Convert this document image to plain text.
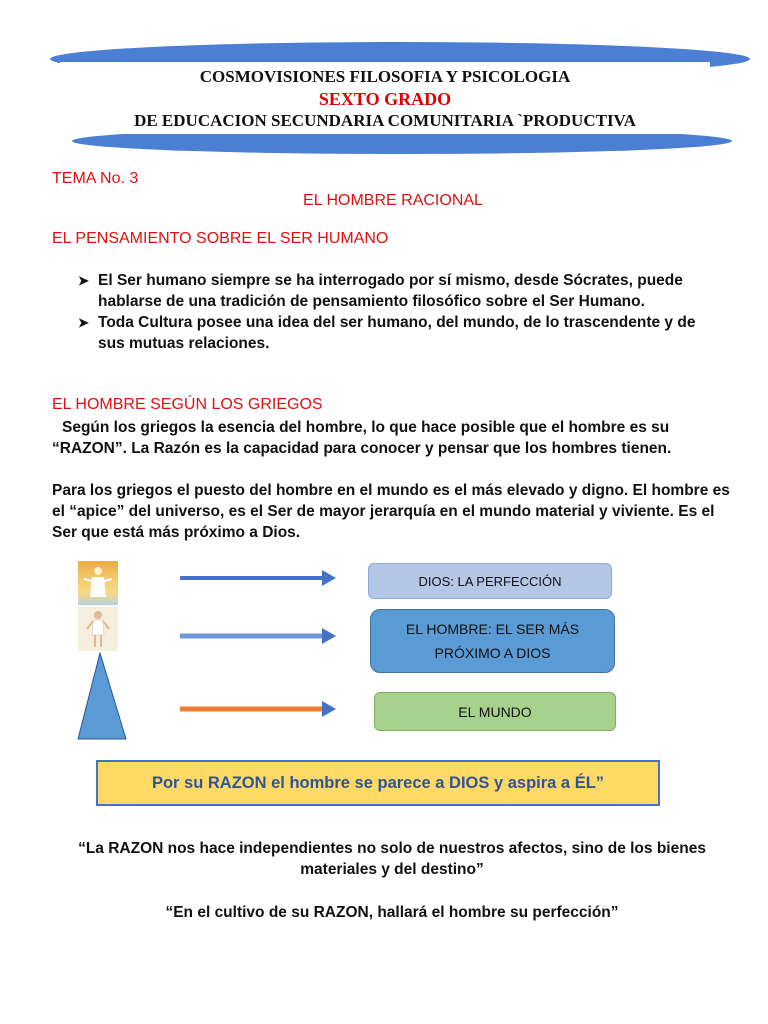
COSMOVISIONES FILOSOFIA Y PSICOLOGIA
SEXTO GRADO
DE EDUCACION SECUNDARIA COMUNITARIA `PRODUCTIVA
TEMA No. 3
EL HOMBRE RACIONAL
EL PENSAMIENTO SOBRE EL SER HUMANO
➤ El Ser humano siempre se ha interrogado por sí mismo, desde Sócrates, puede hablarse de una tradición de pensamiento filosófico sobre el Ser Humano.
➤ Toda Cultura posee una idea del ser humano, del mundo, de lo trascendente y de sus mutuas relaciones.
EL HOMBRE SEGÚN LOS GRIEGOS
Según los griegos la esencia del hombre, lo que hace posible que el hombre es su “RAZON”. La Razón es la capacidad para conocer y pensar que los hombres tienen.
Para los griegos el puesto del hombre en el mundo es el más elevado y digno. El hombre es el “apice” del universo, es el Ser de mayor jerarquía en el mundo material y viviente. Es el Ser que está más próximo a Dios.
DIOS: LA PERFECCIÓN
EL HOMBRE: EL SER MÁS PRÓXIMO A DIOS
EL MUNDO
Por su RAZON el hombre se parece a DIOS y aspira a ÉL”
“La RAZON nos hace independientes no solo de nuestros afectos, sino de los bienes materiales y del destino”
“En el cultivo de su RAZON, hallará el hombre su perfección”
